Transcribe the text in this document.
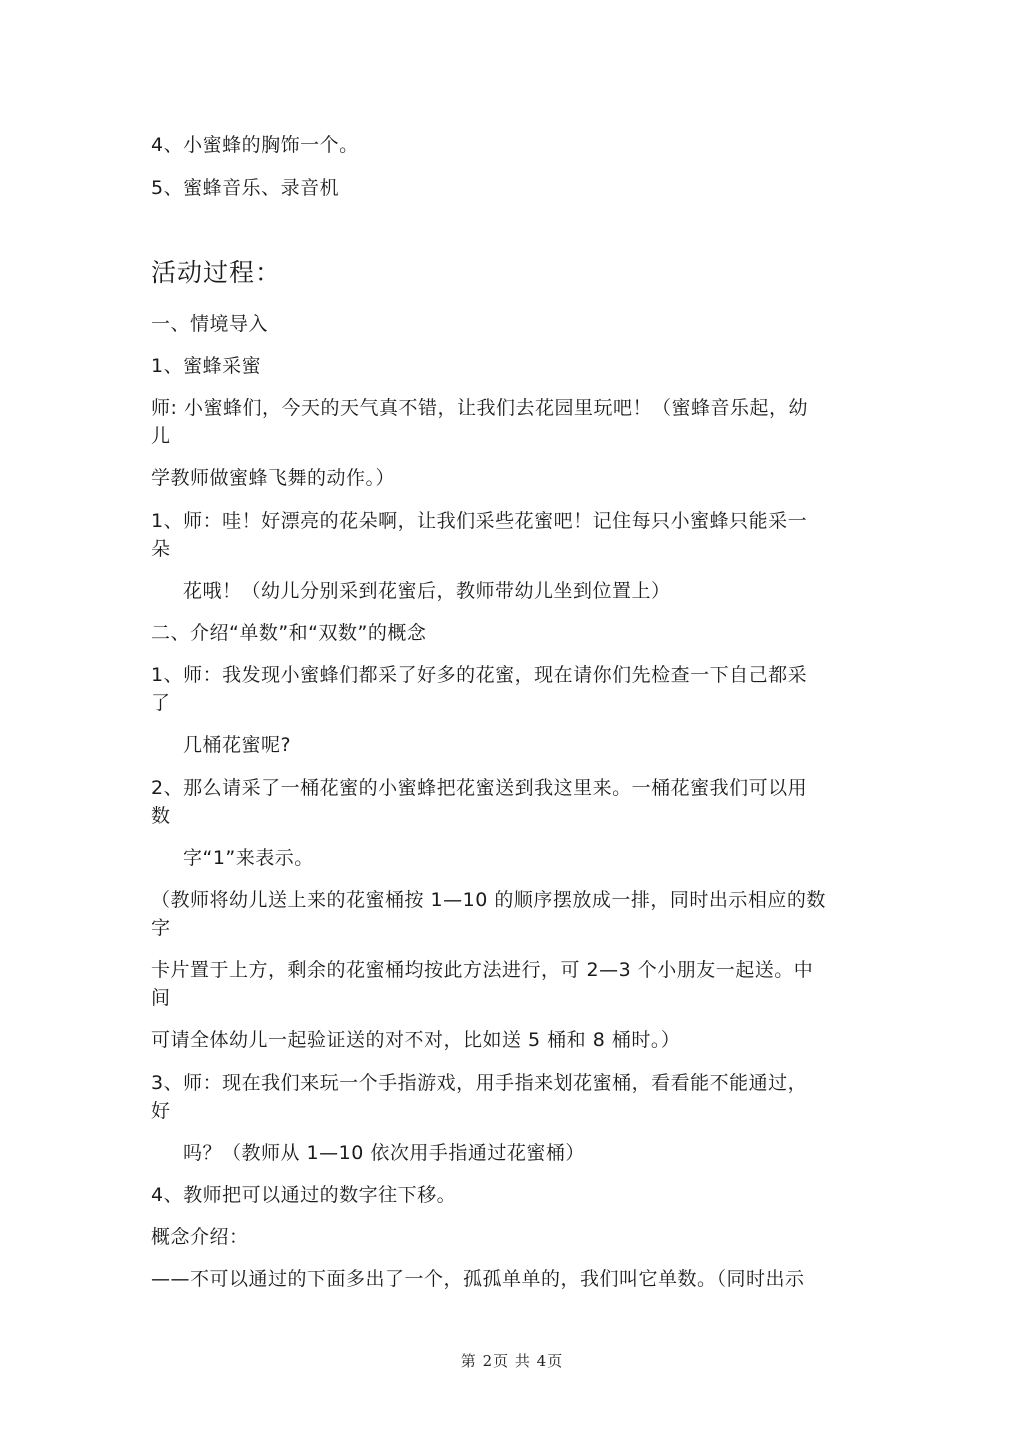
4、小蜜蜂的胸饰一个。
5、蜜蜂音乐、录音机
活动过程：
一、情境导入
1、蜜蜂采蜜
师: 小蜜蜂们，今天的天气真不错，让我们去花园里玩吧！（蜜蜂音乐起，幼
儿
学教师做蜜蜂飞舞的动作。）
1、师：哇！好漂亮的花朵啊，让我们采些花蜜吧！记住每只小蜜蜂只能采一
朵
花哦！（幼儿分别采到花蜜后，教师带幼儿坐到位置上）
二、介绍“单数”和“双数”的概念
1、师：我发现小蜜蜂们都采了好多的花蜜，现在请你们先检查一下自己都采
了
几桶花蜜呢?
2、那么请采了一桶花蜜的小蜜蜂把花蜜送到我这里来。一桶花蜜我们可以用
数
字“1”来表示。
（教师将幼儿送上来的花蜜桶按 1—10 的顺序摆放成一排，同时出示相应的数
字
卡片置于上方，剩余的花蜜桶均按此方法进行，可 2—3 个小朋友一起送。中
间
可请全体幼儿一起验证送的对不对，比如送 5 桶和 8 桶时。）
3、师：现在我们来玩一个手指游戏，用手指来划花蜜桶，看看能不能通过，
好
吗？（教师从 1—10 依次用手指通过花蜜桶）
4、教师把可以通过的数字往下移。
概念介绍：
——不可以通过的下面多出了一个，孤孤单单的，我们叫它单数。（同时出示
第 2页 共 4页
